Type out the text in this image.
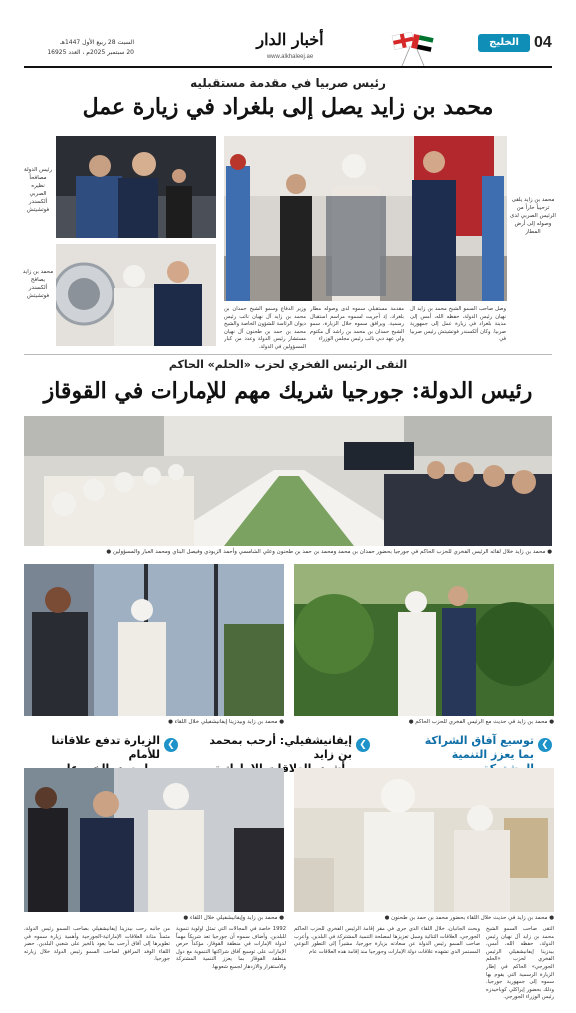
04
الخليج
أخبار الدار
www.alkhaleej.ae
السبت 28 ربيع الأول 1447هـ
20 سبتمبر 2025م ، العدد 16925
رئيس صربيا في مقدمة مستقبليه
محمد بن زايد يصل إلى بلغراد في زيارة عمل
محمد بن زايد يلقى ترحيباً حاراً من الرئيس الصربي لدى وصوله إلى أرض المطار
رئيس الدولة مصافحاً نظيره الصربي ألكسندر فوتشيتش
محمد بن زايد يصافح ألكسندر فوتشيتش
وصل صاحب السمو الشيخ محمد بن زايد آل نهيان رئيس الدولة، حفظه الله، أمس إلى مدينة بلغراد في زيارة عمل إلى جمهورية صربيا. وكان ألكسندر فوتشيتش رئيس صربيا في
مقدمة مستقبلي سموه لدى وصوله مطار بلغراد، إذ أجريت لسموه مراسم استقبال رسمية. ويرافق سموه خلال الزيارة، سمو الشيخ حمدان بن محمد بن راشد آل مكتوم ولي عهد دبي نائب رئيس مجلس الوزراء
وزير الدفاع وسمو الشيخ حمدان بن محمد بن زايد آل نهيان نائب رئيس ديوان الرئاسة للشؤون الخاصة والشيخ محمد بن حمد بن طحنون آل نهيان مستشار رئيس الدولة وعدد من كبار المسؤولين في الدولة.
التقى الرئيس الفخري لحزب «الحلم» الحاكم
رئيس الدولة: جورجيا شريك مهم للإمارات في القوقاز
● محمد بن زايد خلال لقائه الرئيس الفخري للحزب الحاكم في جورجيا بحضور حمدان بن محمد ومحمد بن حمد بن طحنون وعلي الشامسي وأحمد الزيودي وفيصل البناي ومحمد العبار والمسؤولين ●
● محمد بن زايد في حديث مع الرئيس الفخري للحزب الحاكم ●
● محمد بن زايد وبيدزينا إيفانيشفيلي خلال اللقاء ●
❯
توسيع آفاق الشراكة
بما يعزز التنمية
❯
إيفانيشفيلي: أرحب بمحمد بن زايد
بالعلاقات
❯
الزيارة تدفع علاقاتنا للأمام
● محمد بن زايد وإيفانيشفيلي خلال اللقاء ●	● محمد بن زايد في حديث خلال اللقاء بحضور محمد بن حمد بن طحنون ●
التقى صاحب السمو الشيخ محمد بن زايد آل نهيان رئيس الدولة، حفظه الله، أمس، بيدزينا إيفانيشفيلي الرئيس الفخري لحزب «الحلم الجورجي» الحاكم في إطار الزيارة الرسمية التي يقوم بها سموه إلى جمهورية جورجيا. وذلك بحضور إيراكلي كوباخيدزه رئيس الوزراء الجورجي.
وبحث الجانبان، خلال اللقاء الذي جرى في مقر إقامة الرئيس الفخري للحزب الحاكم الجورجي، العلاقات الثنائية وسبل تعزيزها لمصلحة التنمية المشتركة في البلدين. وأعرب صاحب السمو رئيس الدولة عن سعادته بزيارة جورجيا، مشيراً إلى التطور النوعي المستمر الذي تشهده علاقات دولة الإمارات وجورجيا منذ إقامة هذه العلاقات عام
1992 خاصة في المجالات التي تمثل أولوية تنموية للبلدين. وأضاف سموه أن جورجيا تعد شريكاً مهماً لدولة الإمارات في منطقة القوقاز، مؤكداً حرص الإمارات على توسيع آفاق شراكتها التنموية مع دول منطقة القوقاز بما يعزز التنمية المشتركة والاستقرار والازدهار لجميع شعوبها.
من جانبه رحب بيدزينا إيفانيشفيلي بصاحب السمو رئيس الدولة، مثمناً متانة العلاقات الإماراتية-الجورجية وأهمية زيارة سموه في تطويرها إلى آفاق أرحب بما يعود بالخير على شعبي البلدين. حضر اللقاء الوفد المرافق لصاحب السمو رئيس الدولة خلال زيارته جورجيا.
